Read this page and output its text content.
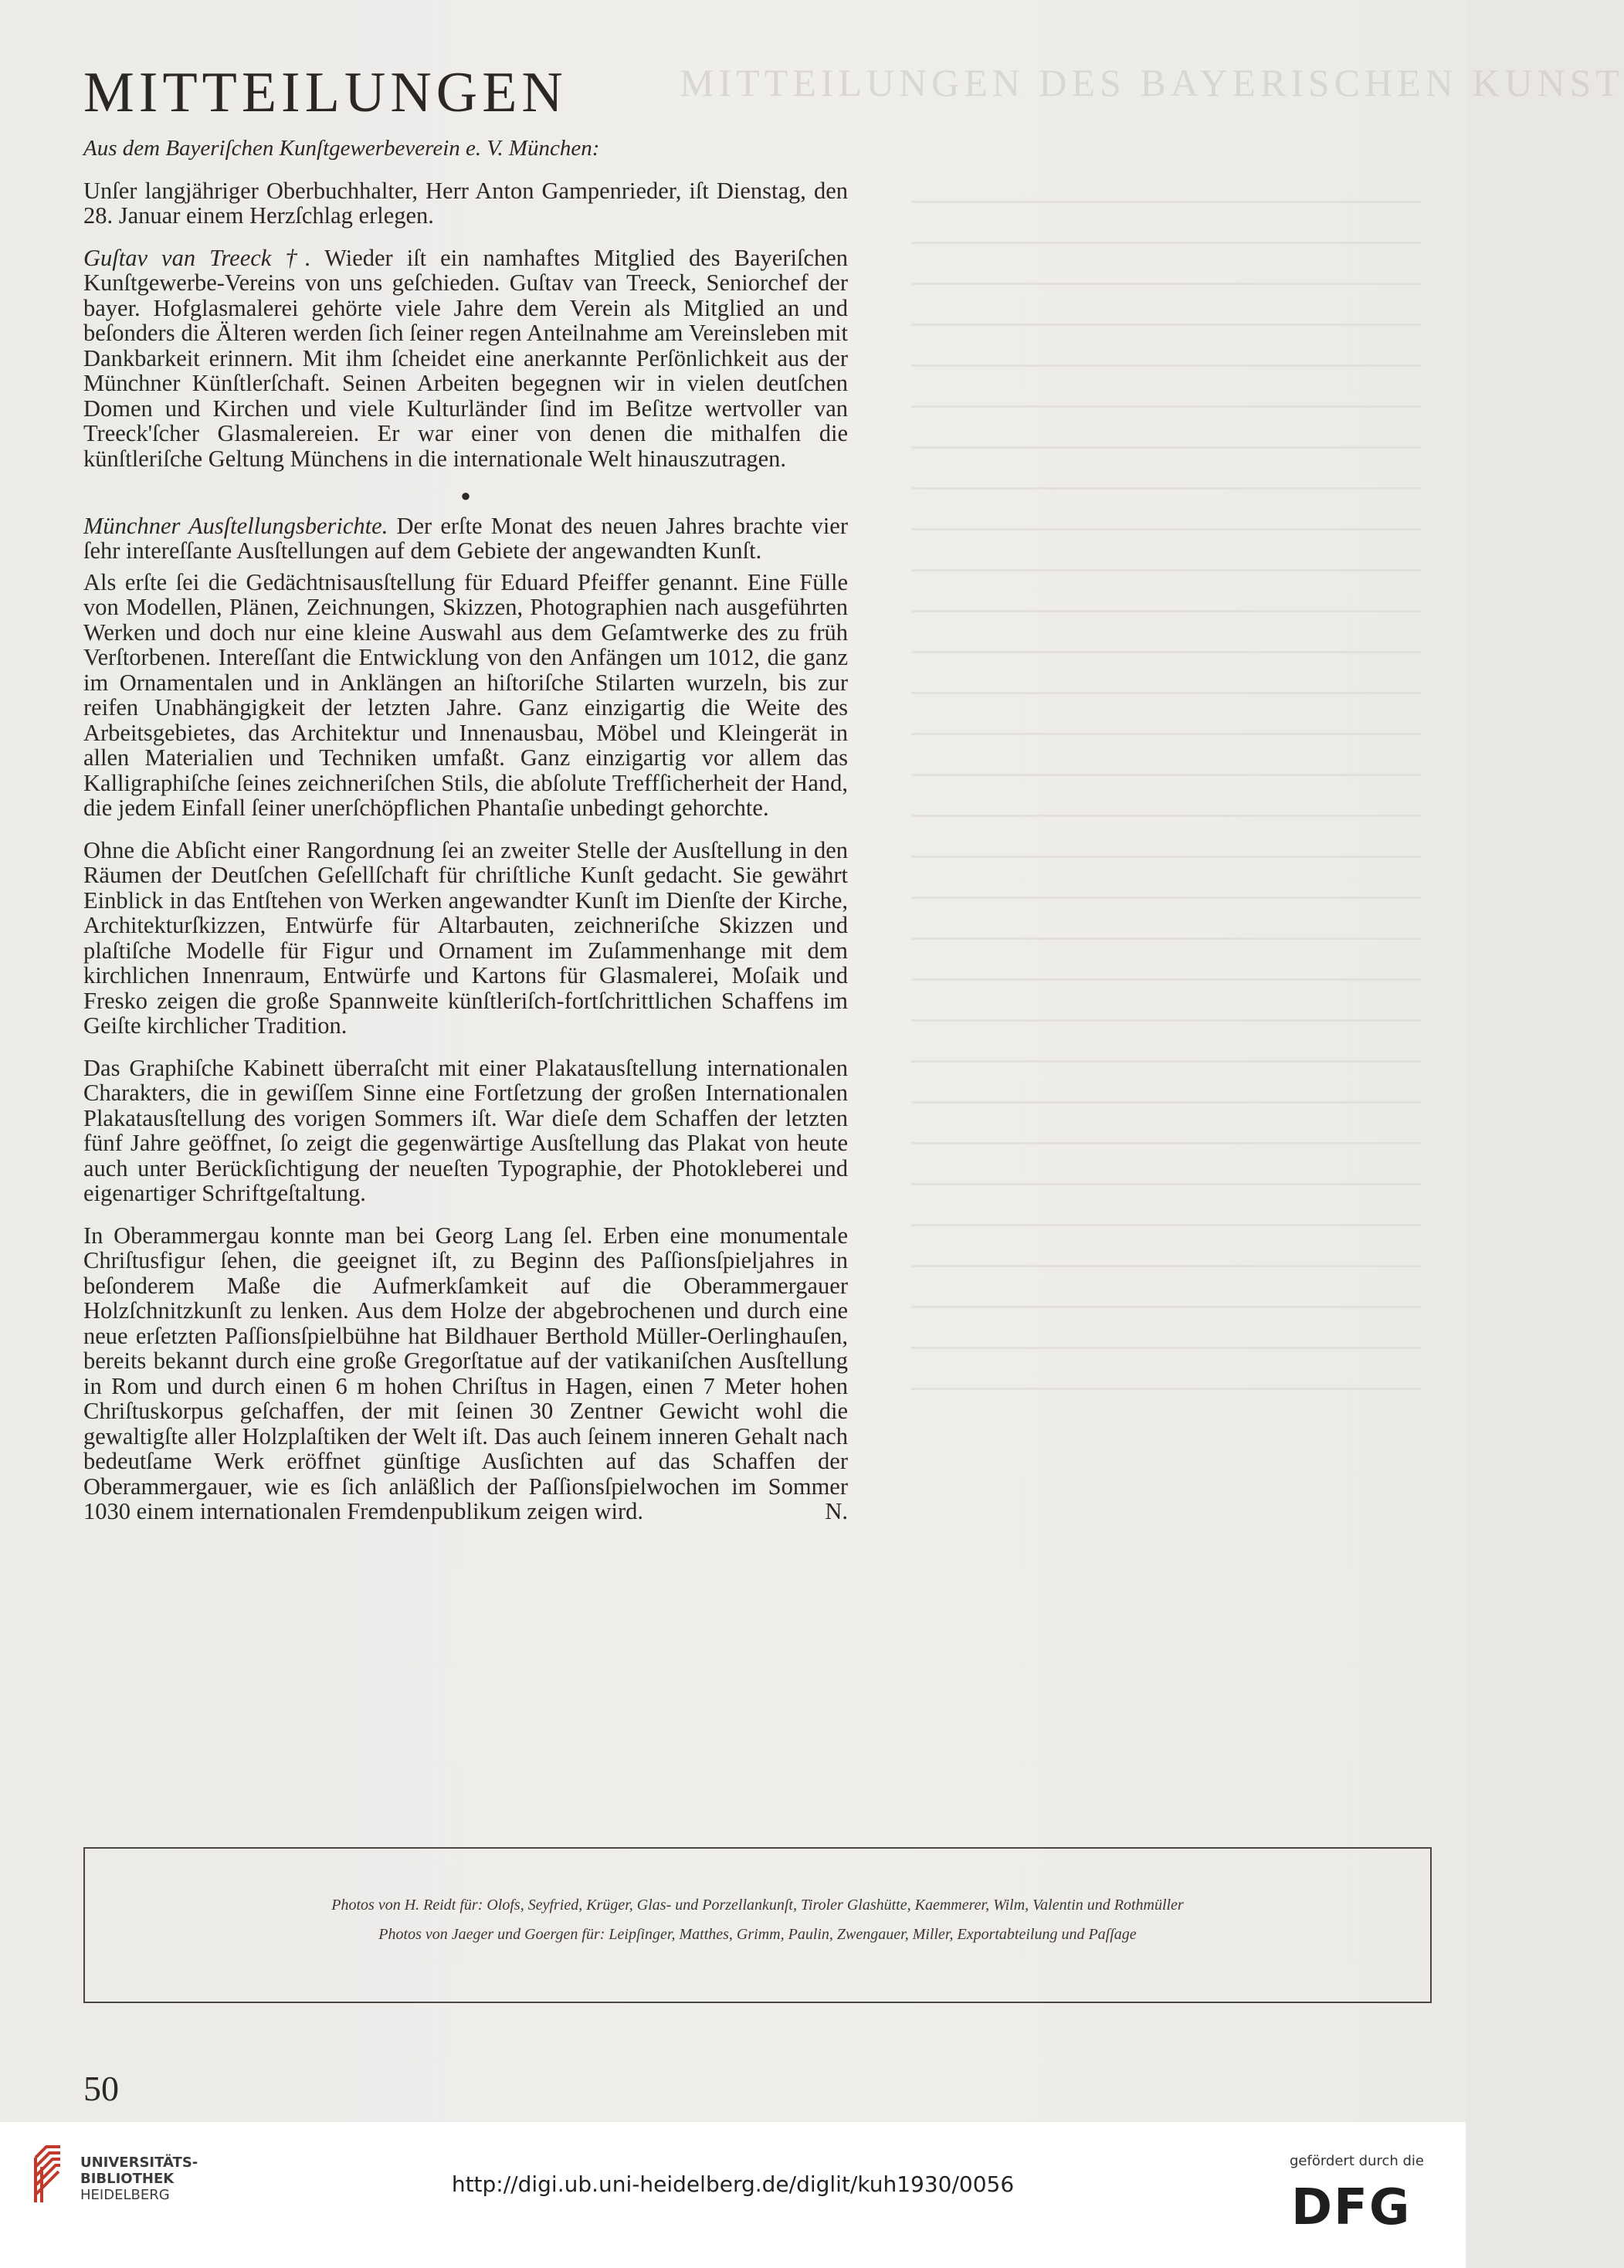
MITTEILUNGEN DES BAYERISCHEN KUNST
MITTEILUNGEN

Aus dem Bayeriſchen Kunſtgewerbeverein e. V. München:

Unſer langjähriger Oberbuchhalter, Herr Anton Gampenrieder, iſt Dienstag, den 28. Januar einem Herzſchlag erlegen.

Guſtav van Treeck †. Wieder iſt ein namhaftes Mitglied des Bayeriſchen Kunſtgewerbe-Vereins von uns geſchieden. Guſtav van Treeck, Seniorchef der bayer. Hofglasmalerei gehörte viele Jahre dem Verein als Mitglied an und beſonders die Älteren werden ſich ſeiner regen Anteilnahme am Vereinsleben mit Dankbarkeit erinnern. Mit ihm ſcheidet eine anerkannte Perſönlichkeit aus der Münchner Künſtlerſchaft. Seinen Arbeiten begegnen wir in vielen deutſchen Domen und Kirchen und viele Kulturländer ſind im Beſitze wertvoller van Treeck'ſcher Glasmalereien. Er war einer von denen die mithalfen die künſtleriſche Geltung Münchens in die internationale Welt hinauszutragen.

●

Münchner Ausſtellungsberichte. Der erſte Monat des neuen Jahres brachte vier ſehr intereſſante Ausſtellungen auf dem Gebiete der angewandten Kunſt.

Als erſte ſei die Gedächtnisausſtellung für Eduard Pfeiffer genannt. Eine Fülle von Modellen, Plänen, Zeichnungen, Skizzen, Photographien nach ausgeführten Werken und doch nur eine kleine Auswahl aus dem Geſamtwerke des zu früh Verſtorbenen. Intereſſant die Entwicklung von den Anfängen um 1012, die ganz im Ornamentalen und in Anklängen an hiſtoriſche Stilarten wurzeln, bis zur reifen Unabhängigkeit der letzten Jahre. Ganz einzigartig die Weite des Arbeitsgebietes, das Architektur und Innenausbau, Möbel und Kleingerät in allen Materialien und Techniken umfaßt. Ganz einzigartig vor allem das Kalligraphiſche ſeines zeichneriſchen Stils, die abſolute Treffſicherheit der Hand, die jedem Einfall ſeiner unerſchöpflichen Phantaſie unbedingt gehorchte.

Ohne die Abſicht einer Rangordnung ſei an zweiter Stelle der Ausſtellung in den Räumen der Deutſchen Geſellſchaft für chriſtliche Kunſt gedacht. Sie gewährt Einblick in das Entſtehen von Werken angewandter Kunſt im Dienſte der Kirche, Architekturſkizzen, Entwürfe für Altarbauten, zeichneriſche Skizzen und plaſtiſche Modelle für Figur und Ornament im Zuſammenhange mit dem kirchlichen Innenraum, Entwürfe und Kartons für Glasmalerei, Moſaik und Fresko zeigen die große Spannweite künſtleriſch-fortſchrittlichen Schaffens im Geiſte kirchlicher Tradition.

Das Graphiſche Kabinett überraſcht mit einer Plakatausſtellung internationalen Charakters, die in gewiſſem Sinne eine Fortſetzung der großen Internationalen Plakatausſtellung des vorigen Sommers iſt. War dieſe dem Schaffen der letzten fünf Jahre geöffnet, ſo zeigt die gegenwärtige Ausſtellung das Plakat von heute auch unter Berückſichtigung der neueſten Typographie, der Photokleberei und eigenartiger Schriftgeſtaltung.

In Oberammergau konnte man bei Georg Lang ſel. Erben eine monumentale Chriſtusfigur ſehen, die geeignet iſt, zu Beginn des Paſſionsſpieljahres in beſonderem Maße die Aufmerkſamkeit auf die Oberammergauer Holzſchnitzkunſt zu lenken. Aus dem Holze der abgebrochenen und durch eine neue erſetzten Paſſionsſpielbühne hat Bildhauer Berthold Müller-Oerlinghauſen, bereits bekannt durch eine große Gregorſtatue auf der vatikaniſchen Ausſtellung in Rom und durch einen 6 m hohen Chriſtus in Hagen, einen 7 Meter hohen Chriſtuskorpus geſchaffen, der mit ſeinen 30 Zentner Gewicht wohl die gewaltigſte aller Holzplaſtiken der Welt iſt. Das auch ſeinem inneren Gehalt nach bedeutſame Werk eröffnet günſtige Ausſichten auf das Schaffen der Oberammergauer, wie es ſich anläßlich der Paſſionsſpielwochen im Sommer 1030 einem internationalen Fremdenpublikum zeigen wird.	N.

Photos von H. Reidt für: Olofs, Seyfried, Krüger, Glas- und Porzellankunſt, Tiroler Glashütte, Kaemmerer, Wilm, Valentin und Rothmüller
Photos von Jaeger und Goergen für: Leipſinger, Matthes, Grimm, Paulin, Zwengauer, Miller, Exportabteilung und Paſſage
50
UNIVERSITÄTS-
BIBLIOTHEK
HEIDELBERG	http://digi.ub.uni-heidelberg.de/diglit/kuh1930/0056
gefördert durch die
DFG
